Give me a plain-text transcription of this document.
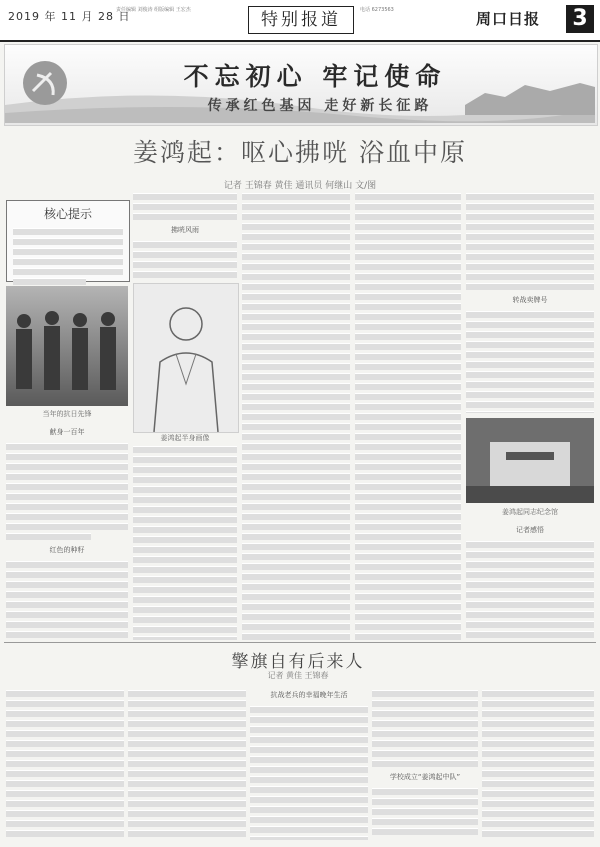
2019 年 11 月 28 日
责任编辑 刘俊涛 组版编辑 王宏杰	电话 6273563
特别报道	周口日报 3
不忘初心 牢记使命
传承红色基因 走好新长征路
姜鸿起：呕心拂咣 浴血中原
记者 王锦春 黄佳 通讯员 何继山 文/图
核心提示
当年的抗日先锋
姜鸿起半身画像
献身一百年
红色的种籽
拂咣风雨
转战卖牌号
姜鸿起同志纪念馆
记者感悟
擎旗自有后来人
记者 黄佳 王锦春
抗战老兵的幸福晚年生活
学校成立“姜鸿起中队”
